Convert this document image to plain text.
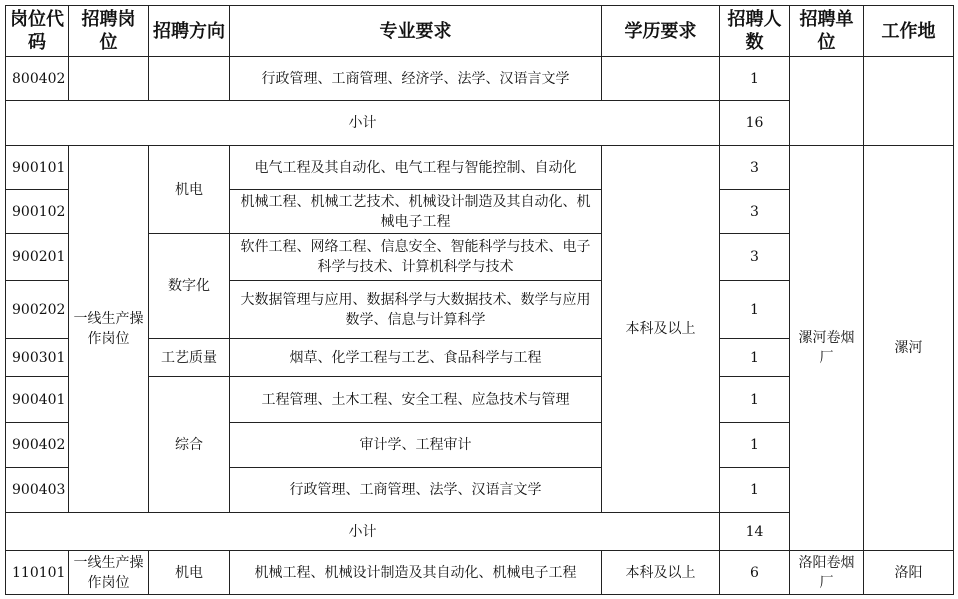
岗位代码	招聘岗位	招聘方向	专业要求	学历要求	招聘人数	招聘单位	工作地
800402			行政管理、工商管理、经济学、法学、汉语言文学		1		
小计					16		
900101	一线生产操作岗位	机电	电气工程及其自动化、电气工程与智能控制、自动化	本科及以上	3	漯河卷烟厂	漯河
900102			机械工程、机械工艺技术、机械设计制造及其自动化、机械电子工程		3		
900201		数字化	软件工程、网络工程、信息安全、智能科学与技术、电子科学与技术、计算机科学与技术		3		
900202			大数据管理与应用、数据科学与大数据技术、数学与应用数学、信息与计算科学		1		
900301		工艺质量	烟草、化学工程与工艺、食品科学与工程		1		
900401		综合	工程管理、土木工程、安全工程、应急技术与管理		1		
900402			审计学、工程审计		1		
900403			行政管理、工商管理、法学、汉语言文学		1		
小计					14		
110101	一线生产操作岗位	机电	机械工程、机械设计制造及其自动化、机械电子工程	本科及以上	6	洛阳卷烟厂	洛阳
